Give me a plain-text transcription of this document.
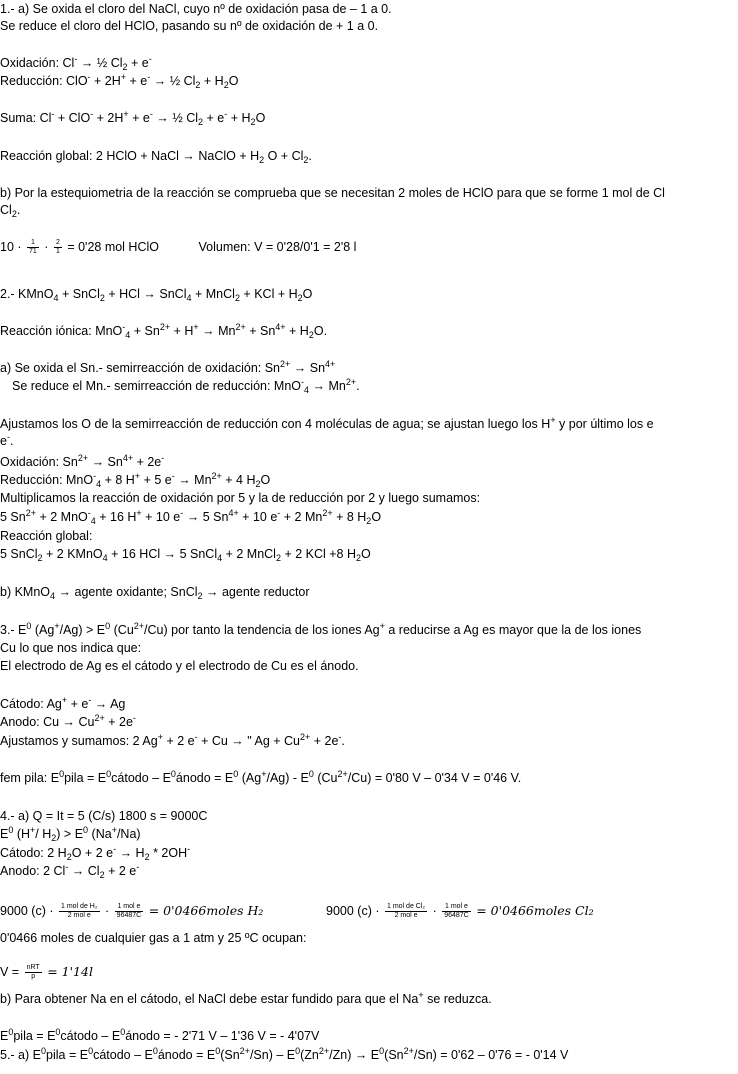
1.- a) Se oxida el cloro del NaCl, cuyo nº de oxidación pasa de – 1 a 0.
Se reduce el cloro del HClO, pasando su nº de oxidación de + 1 a 0.
Oxidación: Cl- → ½ $Cl_2 + e^-$
Reducción: ClO- + 2H+ + e- → ½ $Cl_2 + H_2O$
Suma: Cl- + ClO- + 2H+ + e- → ½ $Cl_2 + e^- + H_2O$
Reacción global: 2 HClO + NaCl → NaClO + $H_2$ $O + Cl_2$.
b) Por la estequiometria de la reacción se comprueba que se necesitan 2 moles de HClO para que se forme 1 mol de Cl
$Cl_2$.
$10 \cdot \frac{1}{71} \cdot \frac{2}{1} = 0'28$ mol HClO	Volumen: V = 0'28/0'1 = 2'8 l
2.- KMnO$_4$ + SnCl$_2$ + HCl → SnCl$_4$ + MnCl$_2$ + KCl + $H_2O$
Reacción iónica: $MnO^-_4 + Sn^{2+} + H^+ \to Mn^{2+} + Sn^{4+} + H_2O$.
a) Se oxida el Sn.- semirreacción de oxidación: $Sn^{2+} \to Sn^{4+}$
Se reduce el Mn.- semirreacción de reducción: $MnO^-_4 \to Mn^{2+}$.
Ajustamos los O de la semirreacción de reducción con 4 moléculas de agua; se ajustan luego los H+ y por último los e
e-.
Oxidación: $Sn^{2+} \to Sn^{4+} + 2e^-$
Reducción: MnO-$_4$ + 8 H+ + 5 $e^- \to Mn^{2+} + 4$ $H_2O$
Multiplicamos la reacción de oxidación por 5 y la de reducción por 2 y luego sumamos:
5 $Sn^{2+} + 2$ MnO-$_4$ + 16 H+ + 10 e- → 5 $Sn^{4+} + 10$ e- + 2 $Mn^{2+} + 8$ $H_2O$
Reacción global:
5 SnCl$_2$ + 2 KMnO$_4$ + 16 HCl → 5 SnCl$_4$ + 2 MnCl$_2$ + 2 KCl +8 $H_2O$
b) KMnO$_4$ → agente oxidante; SnCl$_2$ → agente reductor
3.- $E^0$ $(Ag^+/Ag) > E^0$ $(Cu^{2+}/Cu)$ por tanto la tendencia de los iones Ag+ a reducirse a Ag es mayor que la de los iones
Cu lo que nos indica que:
El electrodo de Ag es el cátodo y el electrodo de Cu es el ánodo.
Cátodo: Ag+ + e- → Ag
Anodo: $Cu \to Cu^{2+} + 2e^-$
Ajustamos y sumamos: 2 Ag+ + 2 e- + Cu → " $Ag + Cu^{2+} + 2e^-$.
fem pila: $E^0pila$ = $E^0cátodo$ – $E^0ánodo = E^0$ $(Ag^+/Ag) - E^0$ $(Cu^{2+}/Cu) = 0'80$ V – 0'34 V = 0'46 V.
4.- a) Q = It = 5 (C/s) 1800 s = 9000C
$E^0$ (H+/ $H_2) > E^0$ (Na+/Na)
Cátodo: 2 $H_2O + 2$ $e^- \to H_2 * 2OH^-$
Anodo: 2 $Cl^- \to Cl_2 + 2$ e-
9000 $(c) \cdot \frac{\text{1 mol de H₂}}{\text{2 mol e}} \cdot \frac{\text{1 mol e}}{96487C}$ = 0'0466moles H₂	9000 $(c) \cdot \frac{\text{1 mol de Cl₂}}{\text{2 mol e}} \cdot \frac{\text{1 mol e}}{96487C}$ = 0'0466moles Cl₂
0'0466 moles de cualquier gas a 1 atm y 25 ºC ocupan:
$V = \frac{\text{nRT}}{p} = 1'14l$
b) Para obtener Na en el cátodo, el NaCl debe estar fundido para que el Na+ se reduzca.
$E^0pila$ = $E^0cátodo$ – $E^0ánodo$ = - 2'71 V – 1'36 V = - 4'07V
5.- a) $E^0pila$ = $E^0cátodo$ – $E^0ánodo = E^0(Sn^{2+}/Sn) - E^0(Zn^{2+}/Zn) \to E^0(Sn^{2+}/Sn) = 0'62 - 0'76$ = - 0'14 V
